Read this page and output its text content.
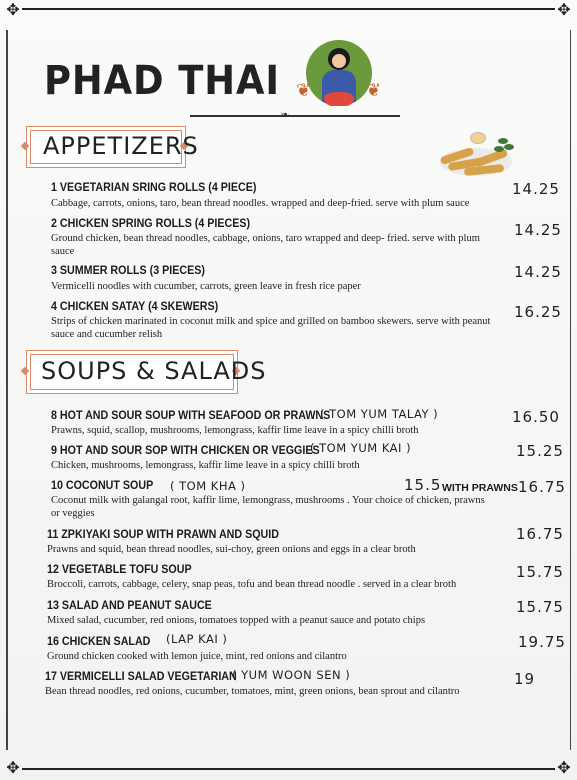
✥	✥
✥	✥
PHAD THAI ❦	❦
❧
APPETIZERS
1 VEGETARIAN SRING ROLLS (4 PIECE)
Cabbage, carrots, onions, taro, bean thread noodles. wrapped and deep-fried. serve with plum sauce
14.25
2 CHICKEN SPRING ROLLS (4 PIECES)
Ground chicken, bean thread noodles, cabbage, onions, taro wrapped and deep- fried. serve with plum sauce
14.25
3 SUMMER ROLLS (3 PIECES)
Vermicelli noodles with cucumber, carrots, green leave in fresh rice paper
14.25
4 CHICKEN SATAY (4 SKEWERS)
Strips of chicken marinated in coconut milk and spice and grilled on bamboo skewers. serve with peanut sauce and cucumber relish
16.25
SOUPS & SALADS
8 HOT AND SOUR SOUP WITH SEAFOOD OR PRAWNS
( TOM YUM TALAY )
Prawns, squid, scallop, mushrooms, lemongrass, kaffir lime leave in a spicy chilli broth
16.50
9 HOT AND SOUR SOP WITH CHICKEN OR VEGGIES
( TOM YUM KAI )
Chicken, mushrooms, lemongrass, kaffir lime leave in a spicy chilli broth
15.25
10 COCONUT SOUP ( TOM KHA )	15.5 WITH PRAWNS 16.75
Coconut milk with galangal root, kaffir lime, lemongrass, mushrooms . Your choice of chicken, prawns or veggies
11 ZPKIYAKI SOUP WITH PRAWN AND SQUID
Prawns and squid, bean thread noodles, sui-choy, green onions and eggs in a clear broth
16.75
12 VEGETABLE TOFU SOUP
Broccoli, carrots, cabbage, celery, snap peas, tofu and bean thread noodle . served in a clear broth
15.75
13 SALAD AND PEANUT SAUCE
Mixed salad, cucumber, red onions, tomatoes topped with a peanut sauce and potato chips
15.75
16 CHICKEN SALAD (LAP KAI )
Ground chicken cooked with lemon juice, mint, red onions and cilantro
19.75
17 VERMICELLI SALAD VEGETARIAN
( YUM WOON SEN )
Bean thread noodles, red onions, cucumber, tomatoes, mint, green onions, bean sprout and cilantro
19
